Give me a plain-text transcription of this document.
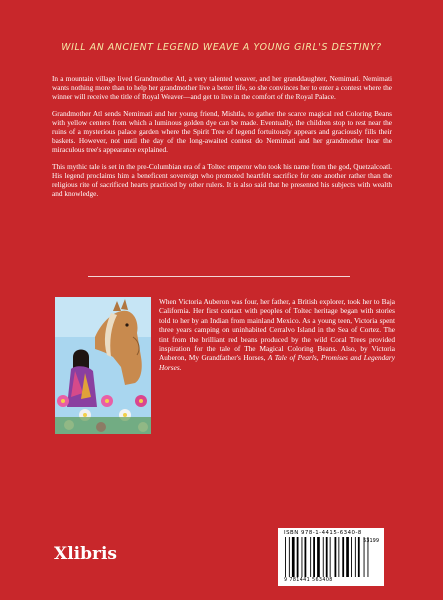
WILL AN ANCIENT LEGEND WEAVE A YOUNG GIRL'S DESTINY?

In a mountain village lived Grandmother Atl, a very talented weaver, and her granddaughter, Nemimati. Nemimati wants nothing more than to help her grandmother live a better life, so she convinces her to enter a contest where the winner will receive the title of Royal Weaver—and get to live in the comfort of the Royal Palace.

Grandmother Atl sends Nemimati and her young friend, Mishtla, to gather the scarce magical red Coloring Beans with yellow centers from which a luminous golden dye can be made. Eventually, the children stop to rest near the ruins of a mysterious palace garden where the Spirit Tree of legend fortuitously appears and graciously fills their baskets. However, not until the day of the long-awaited contest do Nemimati and her grandmother hear the miraculous tree's appearance explained.

This mythic tale is set in the pre-Columbian era of a Toltec emperor who took his name from the god, Quetzalcoatl. His legend proclaims him a beneficent sovereign who promoted heartfelt sacrifice for one another rather than the religious rite of sacrificed hearts practiced by other rulers. It is also said that he presented his subjects with wealth and knowledge.

When Victoria Auberon was four, her father, a British explorer, took her to Baja California. Her first contact with peoples of Toltec heritage began with stories told to her by an Indian from mainland Mexico. As a young teen, Victoria spent three years camping on uninhabited Cerralvo Island in the Sea of Cortez. The tint from the brilliant red beans produced by the wild Coral Trees provided inspiration for the tale of The Magical Coloring Beans. Also, by Victoria Auberon, My Grandfather's Horses, A Tale of Pearls, Promises and Legendary Horses.
Xlibris
ISBN 978-1-4415-6340-8
53199
9 781441 563408
